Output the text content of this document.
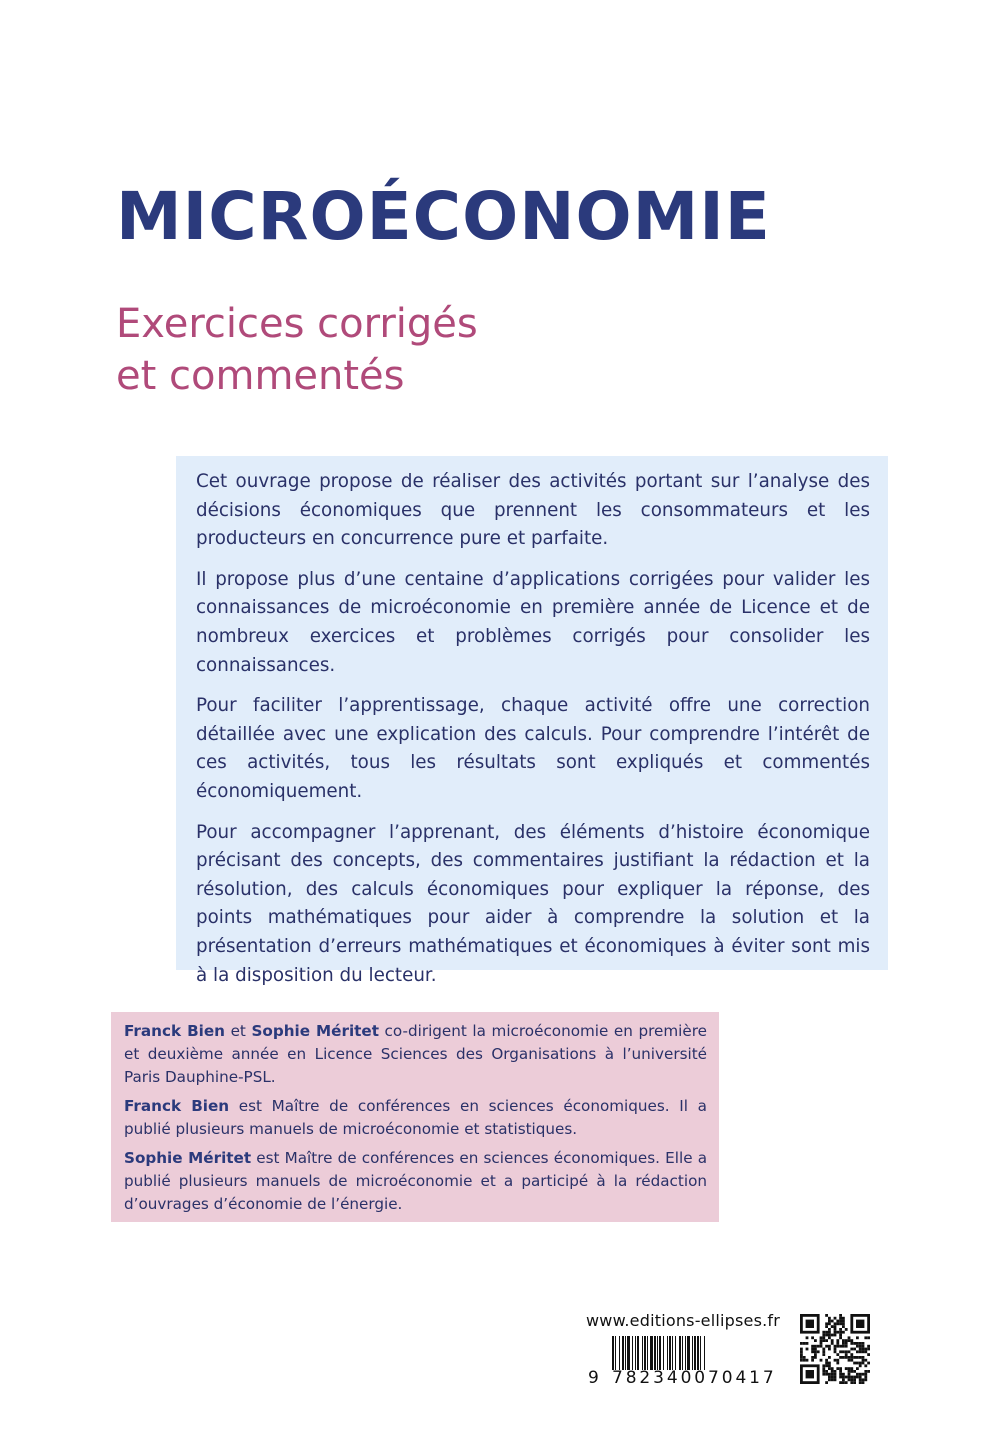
MICROÉCONOMIE
Exercices corrigés
et commentés

Cet ouvrage propose de réaliser des activités portant sur l’analyse des décisions économiques que prennent les consommateurs et les producteurs en concurrence pure et parfaite.

Il propose plus d’une centaine d’applications corrigées pour valider les connaissances de microéconomie en première année de Licence et de nombreux exercices et problèmes corrigés pour consolider les connaissances.

Pour faciliter l’apprentissage, chaque activité offre une correction détaillée avec une explication des calculs. Pour comprendre l’intérêt de ces activités, tous les résultats sont expliqués et commentés économiquement.

Pour accompagner l’apprenant, des éléments d’histoire économique précisant des concepts, des commentaires justifiant la rédaction et la résolution, des calculs économiques pour expliquer la réponse, des points mathématiques pour aider à comprendre la solution et la présentation d’erreurs mathématiques et économiques à éviter sont mis à la disposition du lecteur.

Franck Bien et Sophie Méritet co-dirigent la microéconomie en première et deuxième année en Licence Sciences des Organisations à l’université Paris Dauphine-PSL.

Franck Bien est Maître de conférences en sciences économiques. Il a publié plusieurs manuels de microéconomie et statistiques.

Sophie Méritet est Maître de conférences en sciences économiques. Elle a publié plusieurs manuels de microéconomie et a participé à la rédaction d’ouvrages d’économie de l’énergie.

www.editions-ellipses.fr
9 782340070417
